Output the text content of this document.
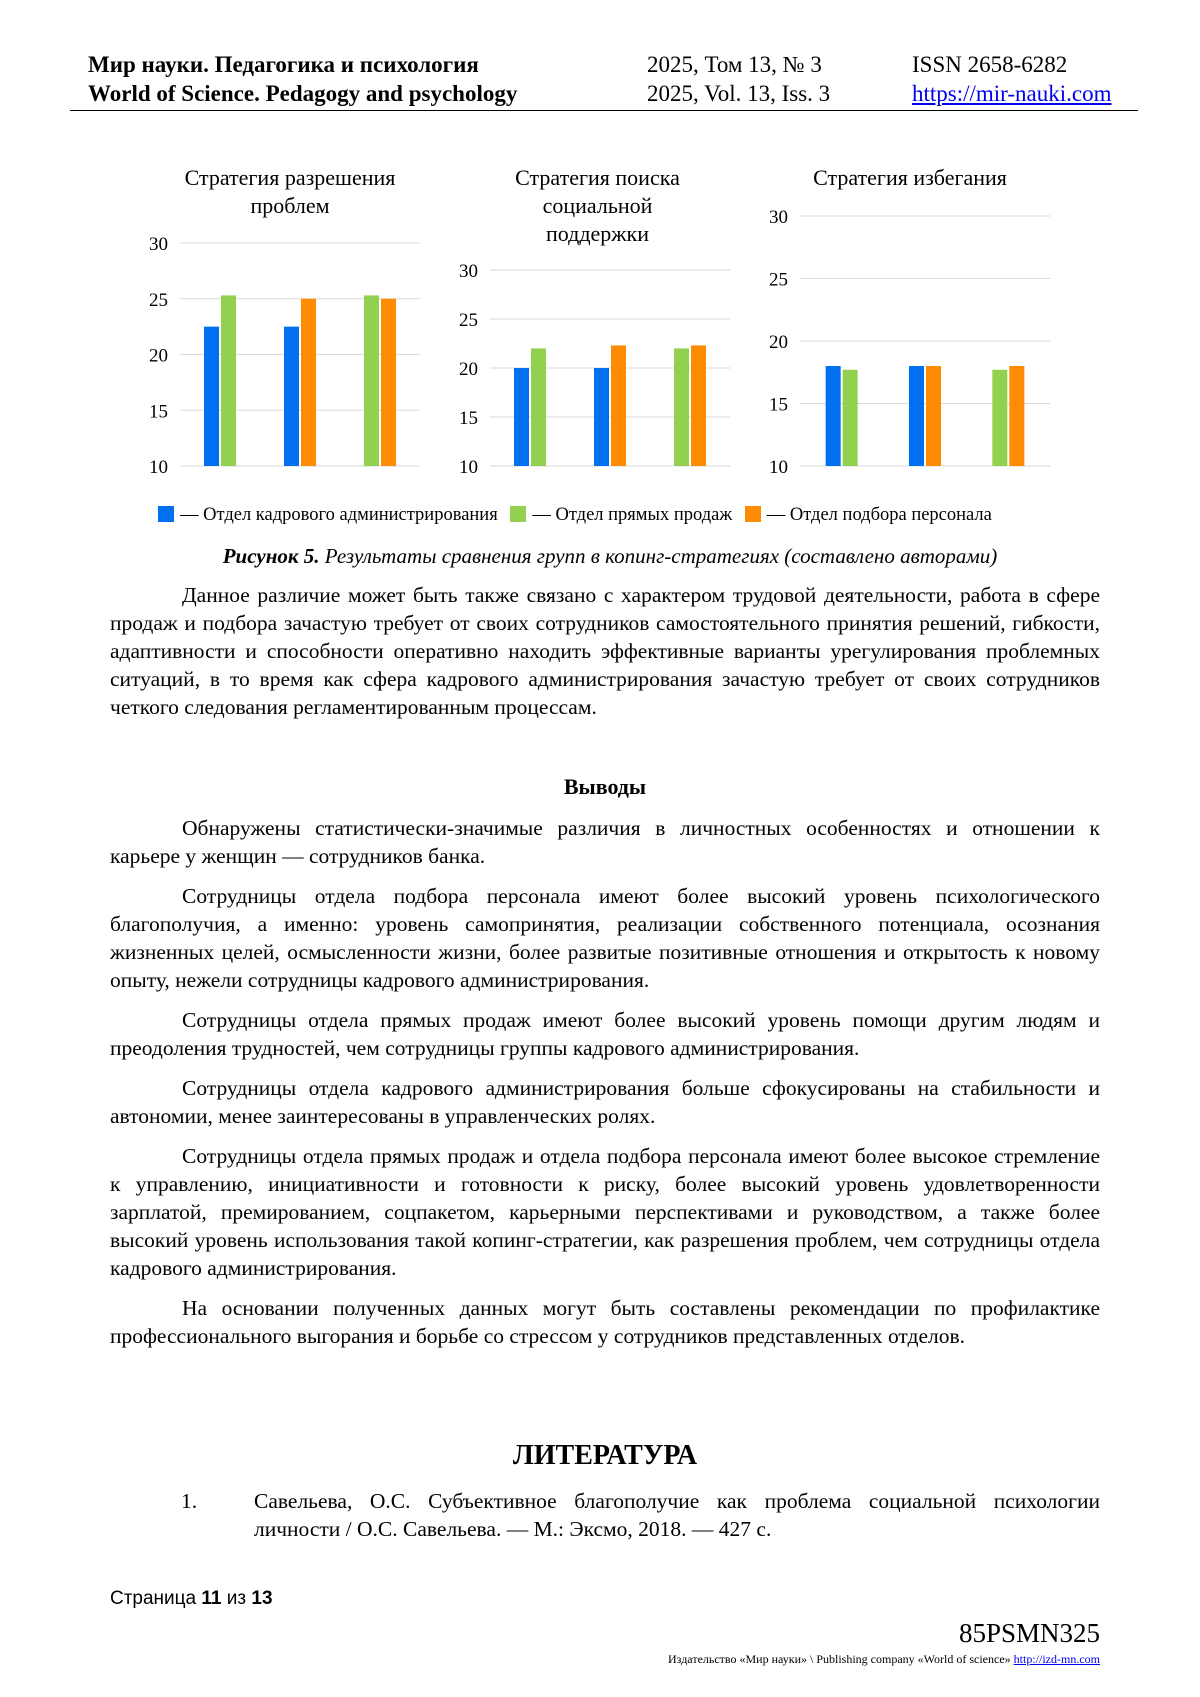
Мир науки. Педагогика и психология
World of Science. Pedagogy and psychology
2025, Том 13, № 3
2025, Vol. 13, Iss. 3
ISSN 2658-6282
https://mir-nauki.com
Стратегия разрешения
проблем
10
15
20
25
30
Стратегия поиска
социальной
поддержки
10
15
20
25
30
Стратегия избегания
10
15
20
25
30
— Отдел кадрового администрирования — Отдел прямых продаж — Отдел подбора персонала
Рисунок 5. Результаты сравнения групп в копинг-стратегиях (составлено авторами)

Данное различие может быть также связано с характером трудовой деятельности, работа в сфере продаж и подбора зачастую требует от своих сотрудников самостоятельного принятия решений, гибкости, адаптивности и способности оперативно находить эффективные варианты урегулирования проблемных ситуаций, в то время как сфера кадрового администрирования зачастую требует от своих сотрудников четкого следования регламентированным процессам.

Выводы

Обнаружены статистически-значимые различия в личностных особенностях и отношении к карьере у женщин — сотрудников банка.

Сотрудницы отдела подбора персонала имеют более высокий уровень психологического благополучия, а именно: уровень самопринятия, реализации собственного потенциала, осознания жизненных целей, осмысленности жизни, более развитые позитивные отношения и открытость к новому опыту, нежели сотрудницы кадрового администрирования.

Сотрудницы отдела прямых продаж имеют более высокий уровень помощи другим людям и преодоления трудностей, чем сотрудницы группы кадрового администрирования.

Сотрудницы отдела кадрового администрирования больше сфокусированы на стабильности и автономии, менее заинтересованы в управленческих ролях.

Сотрудницы отдела прямых продаж и отдела подбора персонала имеют более высокое стремление к управлению, инициативности и готовности к риску, более высокий уровень удовлетворенности зарплатой, премированием, соцпакетом, карьерными перспективами и руководством, а также более высокий уровень использования такой копинг-стратегии, как разрешения проблем, чем сотрудницы отдела кадрового администрирования.

На основании полученных данных могут быть составлены рекомендации по профилактике профессионального выгорания и борьбе со стрессом у сотрудников представленных отделов.

ЛИТЕРАТУРА
1.	Савельева, О.С. Субъективное благополучие как проблема социальной психологии личности / О.С. Савельева. — М.: Эксмо, 2018. — 427 с.

Страница 11 из 13
85PSMN325
Издательство «Мир науки» \ Publishing company «World of science» http://izd-mn.com
